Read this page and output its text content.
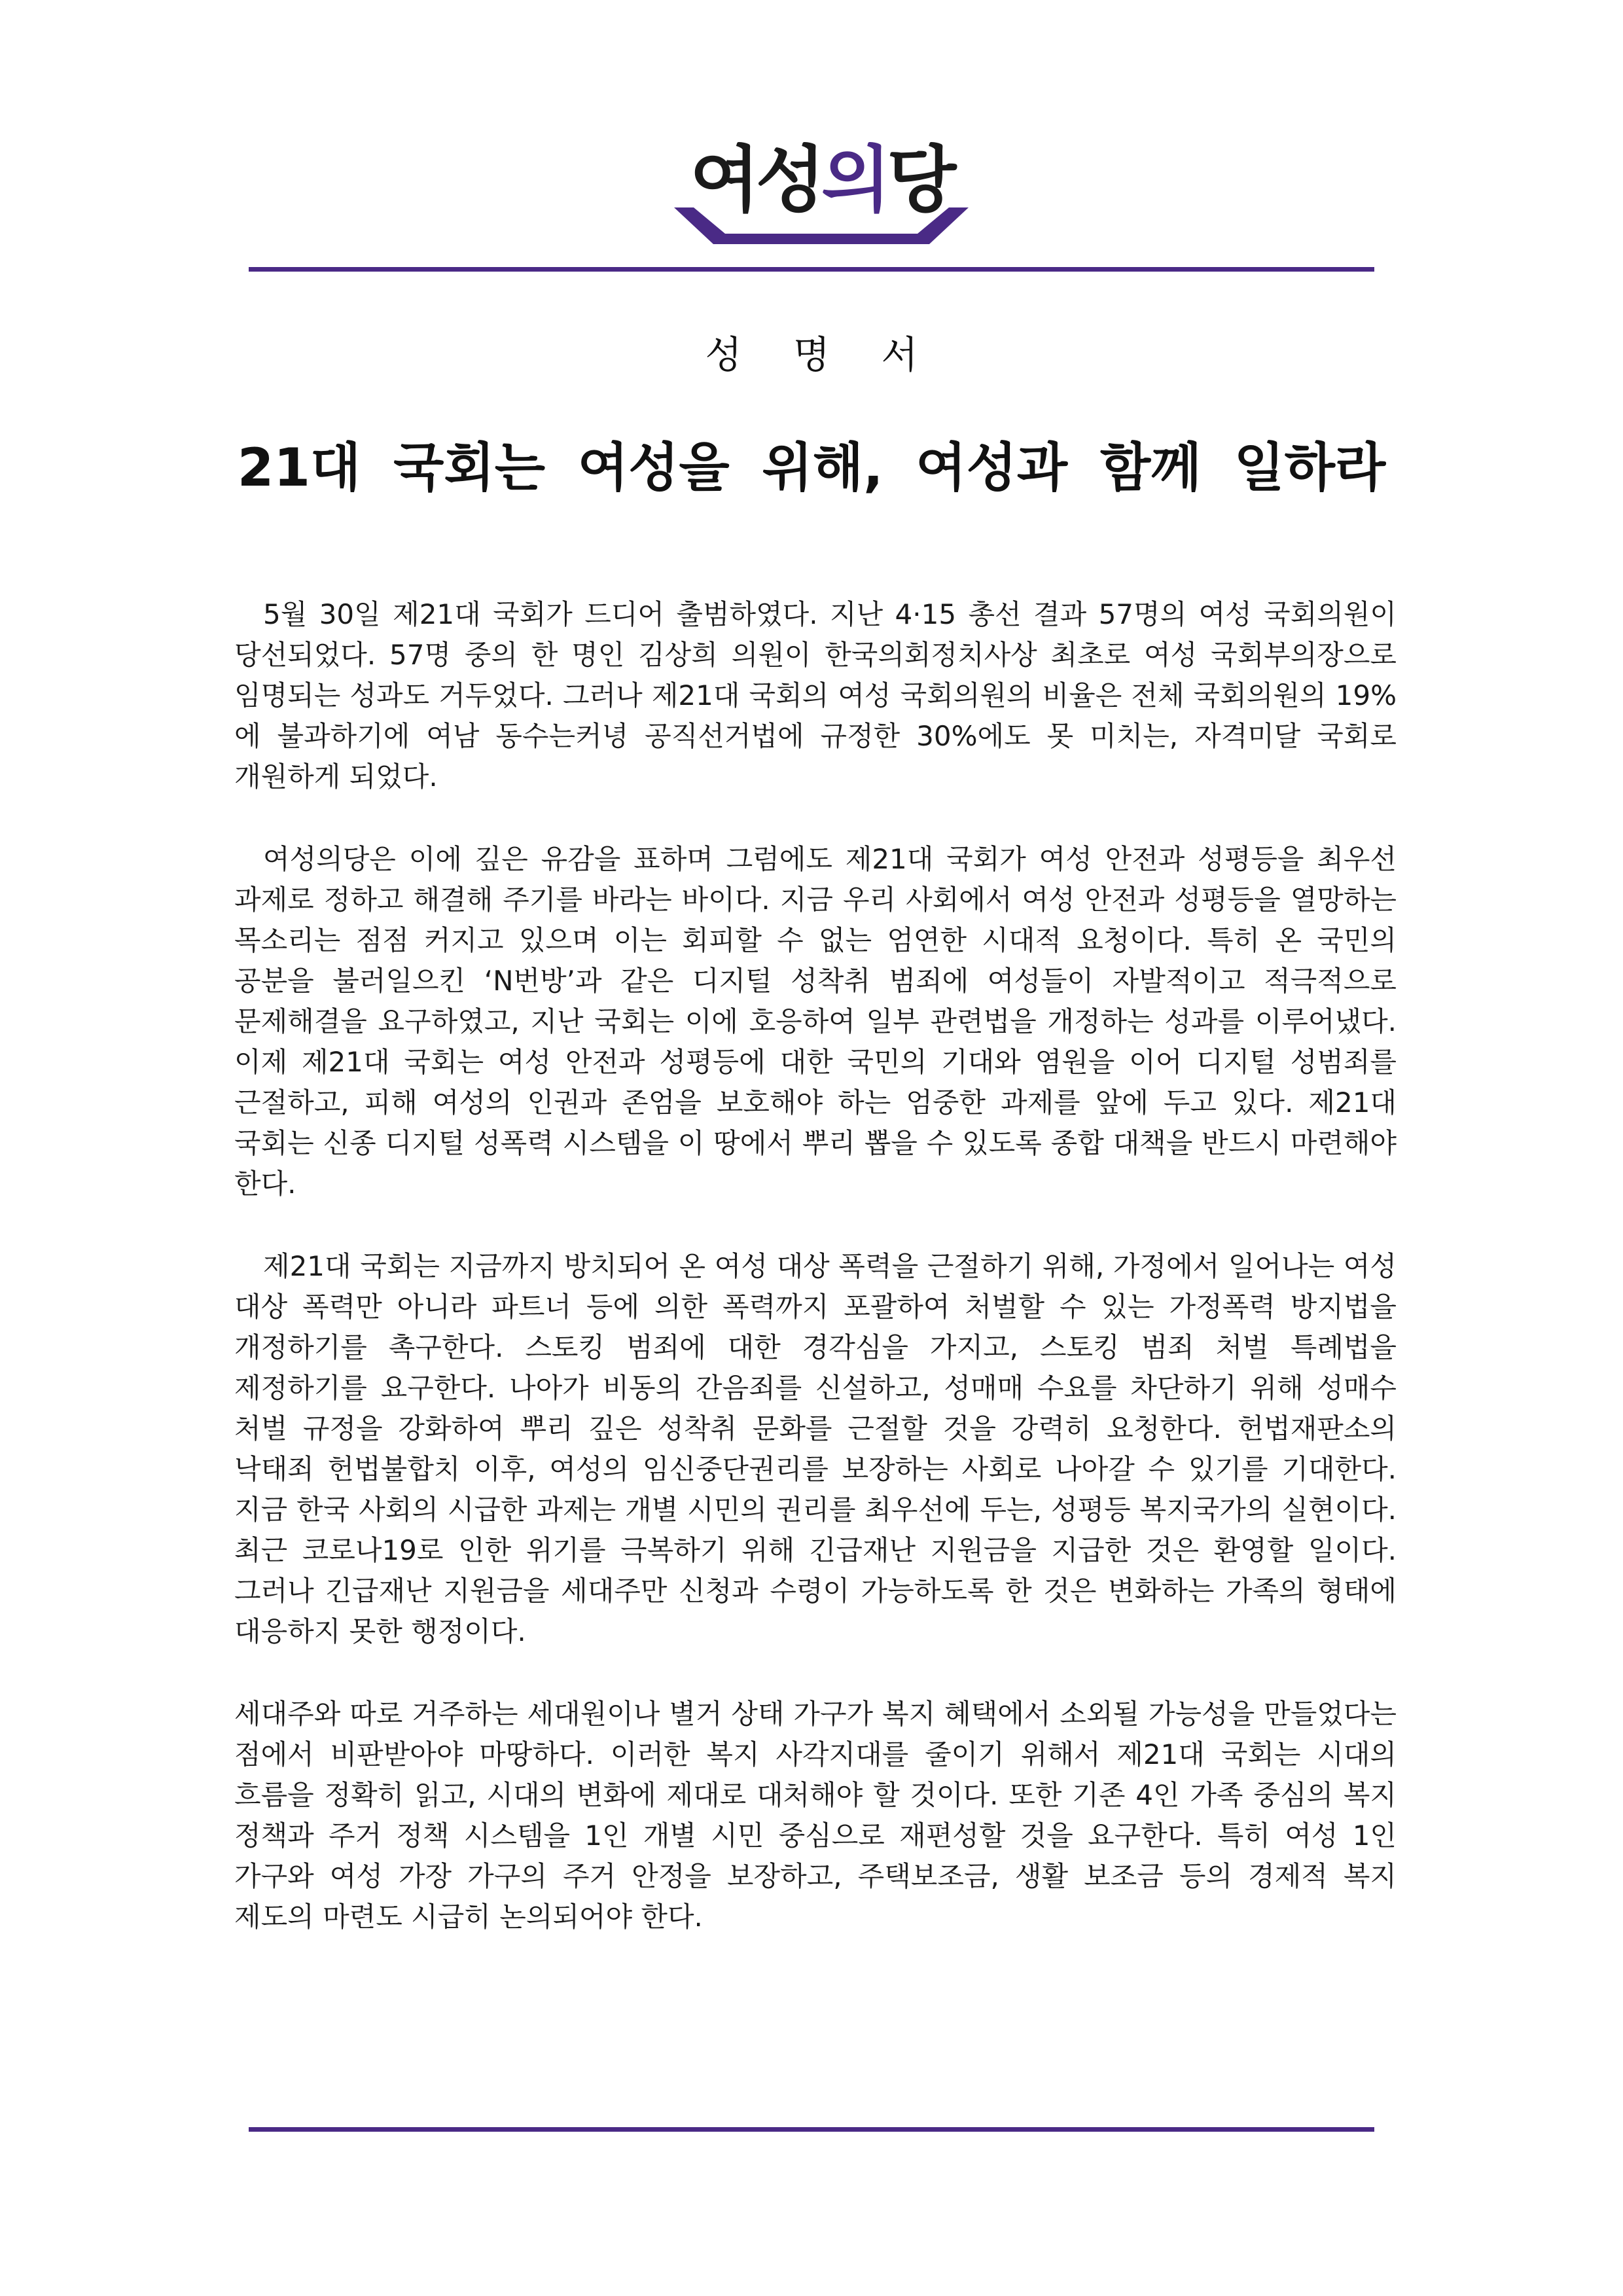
여성의당
성 명 서
21대 국회는 여성을 위해, 여성과 함께 일하라

5월 30일 제21대 국회가 드디어 출범하였다. 지난 4·15 총선 결과 57명의 여성 국회의원이 당선되었다. 57명 중의 한 명인 김상희 의원이 한국의회정치사상 최초로 여성 국회부의장으로 임명되는 성과도 거두었다. 그러나 제21대 국회의 여성 국회의원의 비율은 전체 국회의원의 19%에 불과하기에 여남 동수는커녕 공직선거법에 규정한 30%에도 못 미치는, 자격미달 국회로 개원하게 되었다.

여성의당은 이에 깊은 유감을 표하며 그럼에도 제21대 국회가 여성 안전과 성평등을 최우선 과제로 정하고 해결해 주기를 바라는 바이다. 지금 우리 사회에서 여성 안전과 성평등을 열망하는 목소리는 점점 커지고 있으며 이는 회피할 수 없는 엄연한 시대적 요청이다. 특히 온 국민의 공분을 불러일으킨 ‘N번방’과 같은 디지털 성착취 범죄에 여성들이 자발적이고 적극적으로 문제해결을 요구하였고, 지난 국회는 이에 호응하여 일부 관련법을 개정하는 성과를 이루어냈다. 이제 제21대 국회는 여성 안전과 성평등에 대한 국민의 기대와 염원을 이어 디지털 성범죄를 근절하고, 피해 여성의 인권과 존엄을 보호해야 하는 엄중한 과제를 앞에 두고 있다. 제21대 국회는 신종 디지털 성폭력 시스템을 이 땅에서 뿌리 뽑을 수 있도록 종합 대책을 반드시 마련해야 한다.

제21대 국회는 지금까지 방치되어 온 여성 대상 폭력을 근절하기 위해, 가정에서 일어나는 여성 대상 폭력만 아니라 파트너 등에 의한 폭력까지 포괄하여 처벌할 수 있는 가정폭력 방지법을 개정하기를 촉구한다. 스토킹 범죄에 대한 경각심을 가지고, 스토킹 범죄 처벌 특례법을 제정하기를 요구한다. 나아가 비동의 간음죄를 신설하고, 성매매 수요를 차단하기 위해 성매수 처벌 규정을 강화하여 뿌리 깊은 성착취 문화를 근절할 것을 강력히 요청한다. 헌법재판소의 낙태죄 헌법불합치 이후, 여성의 임신중단권리를 보장하는 사회로 나아갈 수 있기를 기대한다. 지금 한국 사회의 시급한 과제는 개별 시민의 권리를 최우선에 두는, 성평등 복지국가의 실현이다. 최근 코로나19로 인한 위기를 극복하기 위해 긴급재난 지원금을 지급한 것은 환영할 일이다. 그러나 긴급재난 지원금을 세대주만 신청과 수령이 가능하도록 한 것은 변화하는 가족의 형태에 대응하지 못한 행정이다.

세대주와 따로 거주하는 세대원이나 별거 상태 가구가 복지 혜택에서 소외될 가능성을 만들었다는 점에서 비판받아야 마땅하다. 이러한 복지 사각지대를 줄이기 위해서 제21대 국회는 시대의 흐름을 정확히 읽고, 시대의 변화에 제대로 대처해야 할 것이다. 또한 기존 4인 가족 중심의 복지 정책과 주거 정책 시스템을 1인 개별 시민 중심으로 재편성할 것을 요구한다. 특히 여성 1인 가구와 여성 가장 가구의 주거 안정을 보장하고, 주택보조금, 생활 보조금 등의 경제적 복지 제도의 마련도 시급히 논의되어야 한다.
